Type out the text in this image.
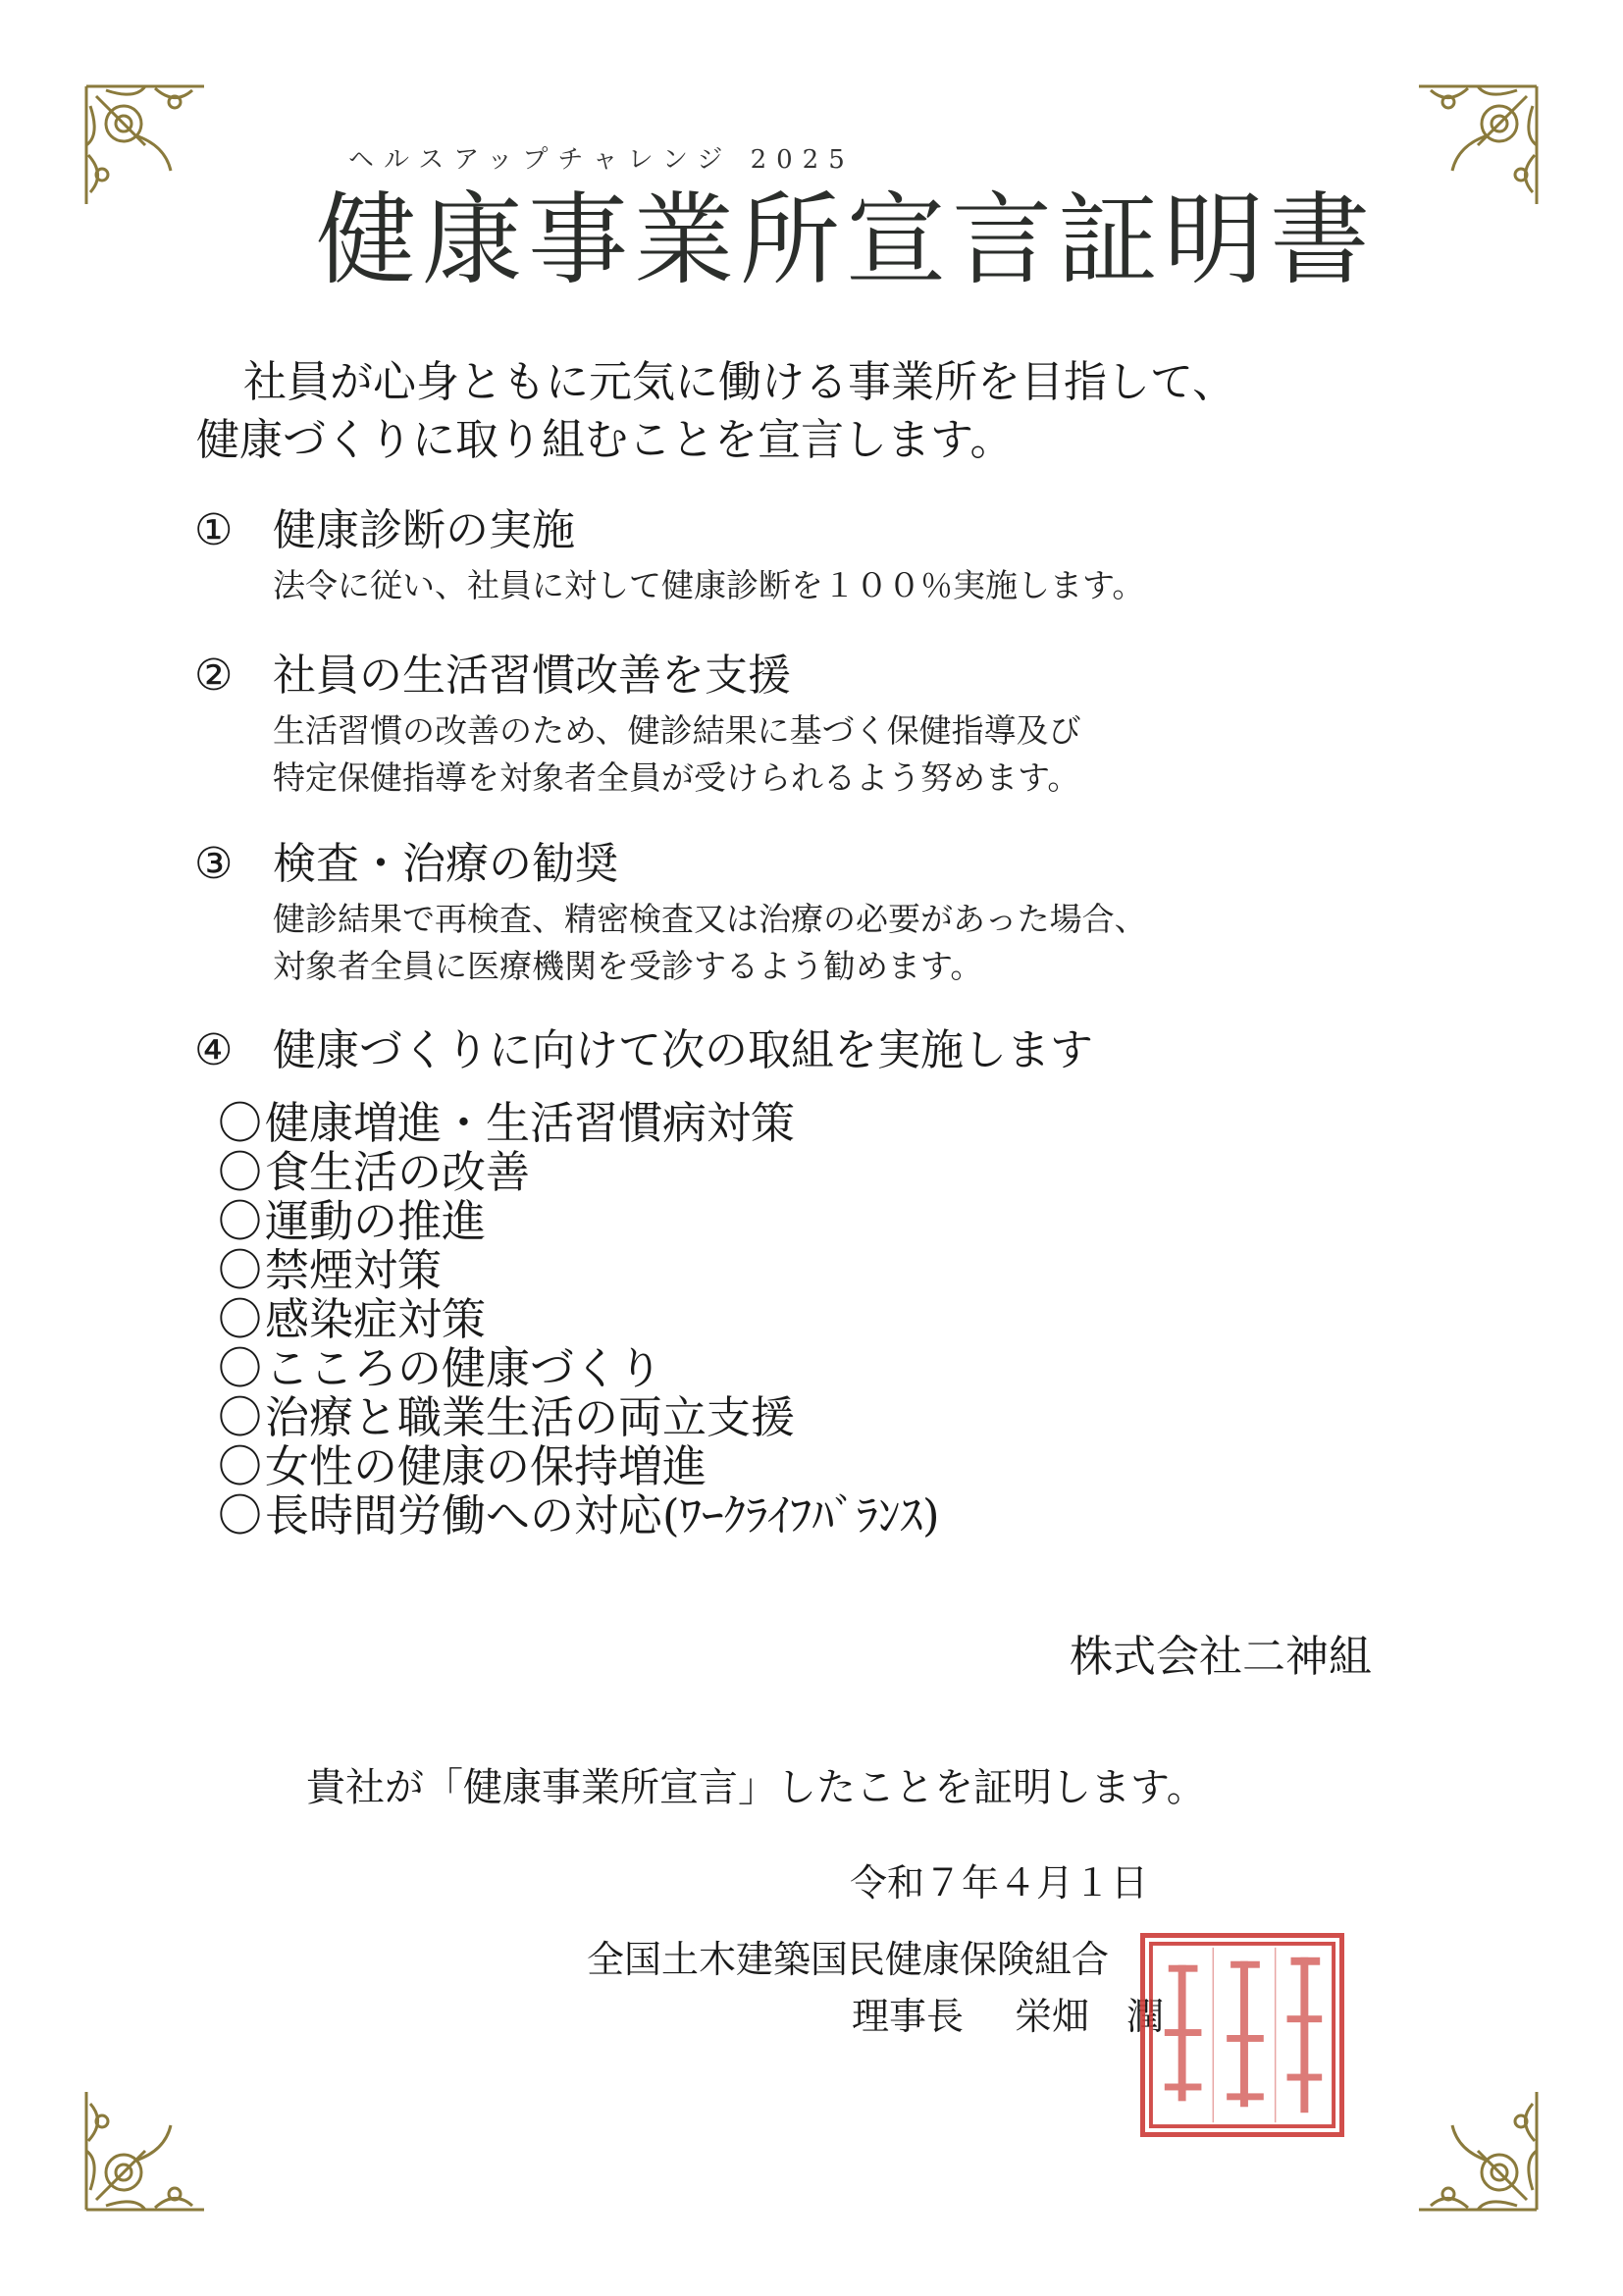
ヘルスアップチャレンジ 2025
健康事業所宣言証明書
社員が心身ともに元気に働ける事業所を目指して、
健康づくりに取り組むことを宣言します。
① 健康診断の実施
法令に従い、社員に対して健康診断を１００％実施します。
② 社員の生活習慣改善を支援
生活習慣の改善のため、健診結果に基づく保健指導及び
特定保健指導を対象者全員が受けられるよう努めます。
③ 検査・治療の勧奨
健診結果で再検査、精密検査又は治療の必要があった場合、
対象者全員に医療機関を受診するよう勧めます。
④ 健康づくりに向けて次の取組を実施します
〇健康増進・生活習慣病対策
〇食生活の改善
〇運動の推進
〇禁煙対策
〇感染症対策
〇こころの健康づくり
〇治療と職業生活の両立支援
〇女性の健康の保持増進
〇長時間労働への対応(ﾜｰｸﾗｲﾌﾊﾞﾗﾝｽ)
株式会社二神組
貴社が「健康事業所宣言」したことを証明します。
令和７年４月１日
全国土木建築国民健康保険組合
理事長 栄畑　潤
